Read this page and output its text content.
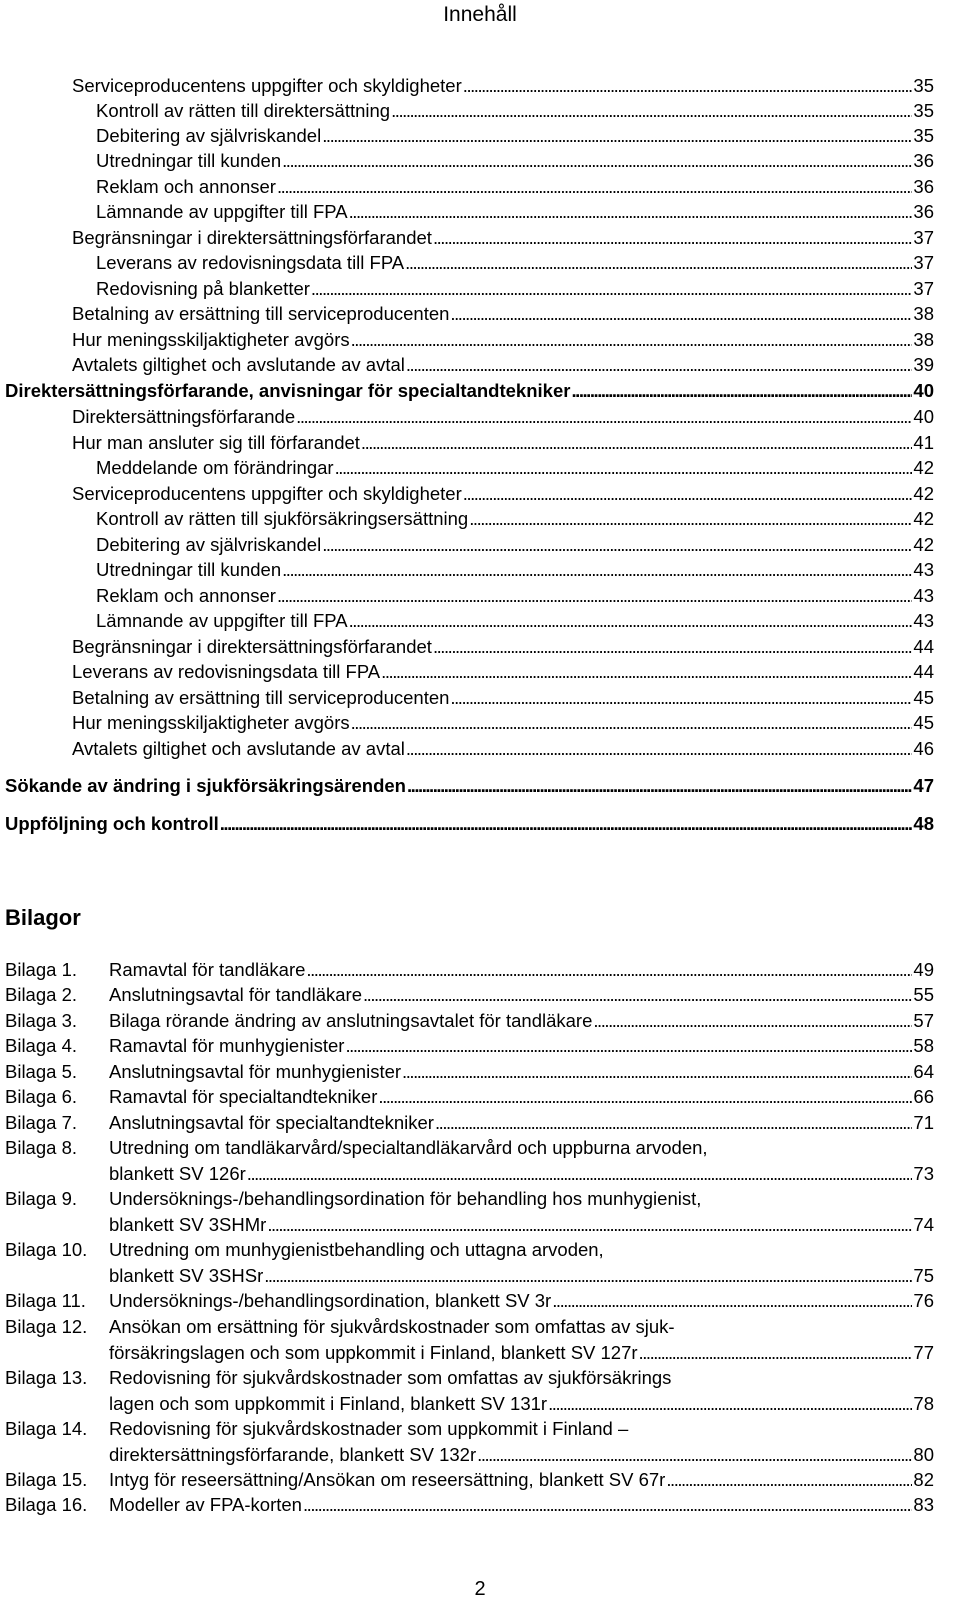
Innehåll
Serviceproducentens uppgifter och skyldigheter . . .	35
Kontroll av rätten till direktersättning . . .	35
Debitering av självriskandel . . .	35
Utredningar till kunden . . .	36
Reklam och annonser . . .	36
Lämnande av uppgifter till FPA . . .	36
Begränsningar i direktersättningsförfarandet . . .	37
Leverans av redovisningsdata till FPA . . .	37
Redovisning på blanketter . . .	37
Betalning av ersättning till serviceproducenten . . .	38
Hur meningsskiljaktigheter avgörs . . .	38
Avtalets giltighet och avslutande av avtal . . .	39
Direktersättningsförfarande, anvisningar för specialtandtekniker . . .	40
Direktersättningsförfarande . . .	40
Hur man ansluter sig till förfarandet . . .	41
Meddelande om förändringar . . .	42
Serviceproducentens uppgifter och skyldigheter . . .	42
Kontroll av rätten till sjukförsäkringsersättning . . .	42
Debitering av självriskandel . . .	42
Utredningar till kunden . . .	43
Reklam och annonser . . .	43
Lämnande av uppgifter till FPA . . .	43
Begränsningar i direktersättningsförfarandet . . .	44
Leverans av redovisningsdata till FPA . . .	44
Betalning av ersättning till serviceproducenten . . .	45
Hur meningsskiljaktigheter avgörs . . .	45
Avtalets giltighet och avslutande av avtal . . .	46
Sökande av ändring i sjukförsäkringsärenden . . .	47
Uppföljning och kontroll . . .	48
Bilagor
Bilaga 1. Ramavtal för tandläkare . . .	49
Bilaga 2. Anslutningsavtal för tandläkare . . .	55
Bilaga 3. Bilaga rörande ändring av anslutningsavtalet för tandläkare . . .	57
Bilaga 4. Ramavtal för munhygienister . . .	58
Bilaga 5. Anslutningsavtal för munhygienister . . .	64
Bilaga 6. Ramavtal för specialtandtekniker . . .	66
Bilaga 7. Anslutningsavtal för specialtandtekniker . . .	71
Bilaga 8. Utredning om tandläkarvård/specialtandläkarvård och uppburna arvoden,
blankett SV 126r . . .	73
Bilaga 9. Undersöknings-/behandlingsordination för behandling hos munhygienist,
blankett SV 3SHMr . . .	74
Bilaga 10. Utredning om munhygienistbehandling och uttagna arvoden,
blankett SV 3SHSr . . .	75
Bilaga 11. Undersöknings-/behandlingsordination, blankett SV 3r . . .	76
Bilaga 12. Ansökan om ersättning för sjukvårdskostnader som omfattas av sjuk-
försäkringslagen och som uppkommit i Finland, blankett SV 127r . . .	77
Bilaga 13. Redovisning för sjukvårdskostnader som omfattas av sjukförsäkrings
lagen och som uppkommit i Finland, blankett SV 131r . . .	78
Bilaga 14. Redovisning för sjukvårdskostnader som uppkommit i Finland –
direktersättningsförfarande, blankett SV 132r . . .	80
Bilaga 15. Intyg för reseersättning/Ansökan om reseersättning, blankett SV 67r . . .	82
Bilaga 16. Modeller av FPA-korten . . .	83
2
